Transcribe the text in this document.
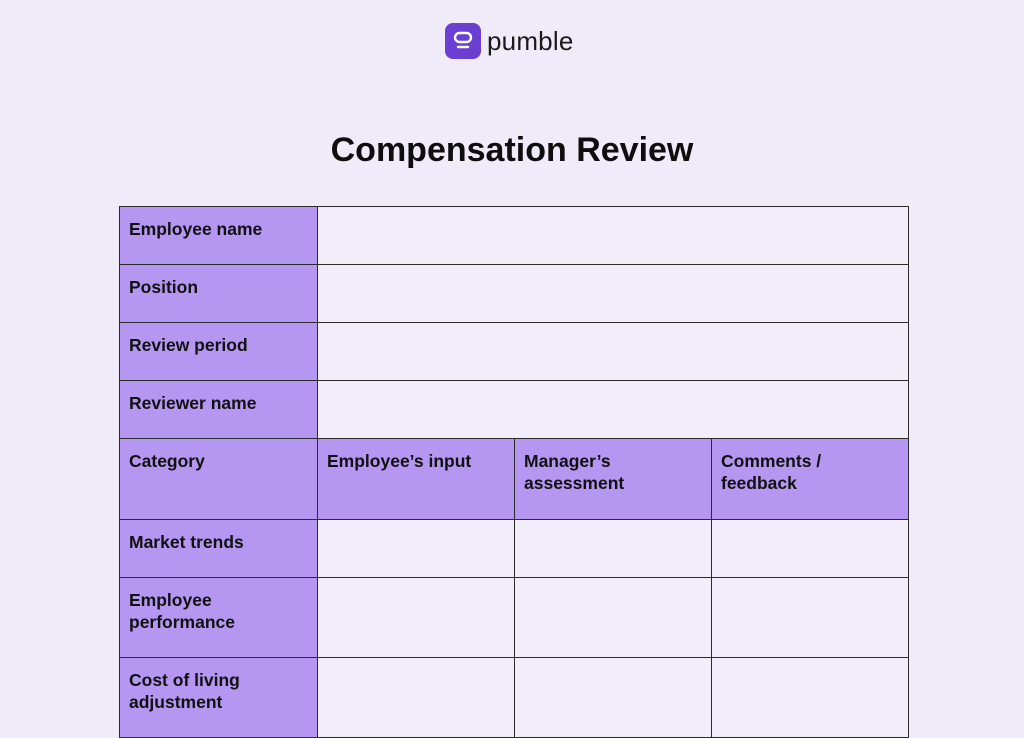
pumble
Compensation Review
Employee name			
Position			
Review period			
Reviewer name			
Category	Employee’s input	Manager’s assessment	Comments / feedback
Market trends			
Employee performance			
Cost of living adjustment			
